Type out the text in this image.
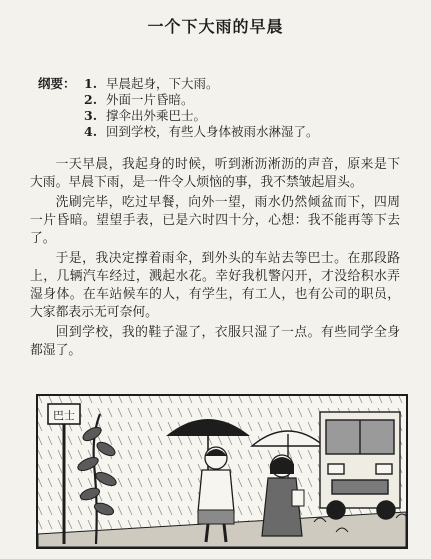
一个下大雨的早晨
纲要： 1. 早晨起身，下大雨。
2. 外面一片昏暗。
3. 撑伞出外乘巴士。
4. 回到学校，有些人身体被雨水淋湿了。

一天早晨，我起身的时候，听到淅沥淅沥的声音，原来是下大雨。早晨下雨，是一件令人烦恼的事，我不禁皱起眉头。

洗刷完毕，吃过早餐，向外一望，雨水仍然倾盆而下，四周一片昏暗。望望手表，已是六时四十分，心想：我不能再等下去了。

于是，我决定撑着雨伞，到外头的车站去等巴士。在那段路上，几辆汽车经过，溅起水花。幸好我机警闪开，才没给积水弄湿身体。在车站候车的人，有学生，有工人，也有公司的职员，大家都表示无可奈何。

回到学校，我的鞋子湿了，衣服只湿了一点。有些同学全身都湿了。

巴士
